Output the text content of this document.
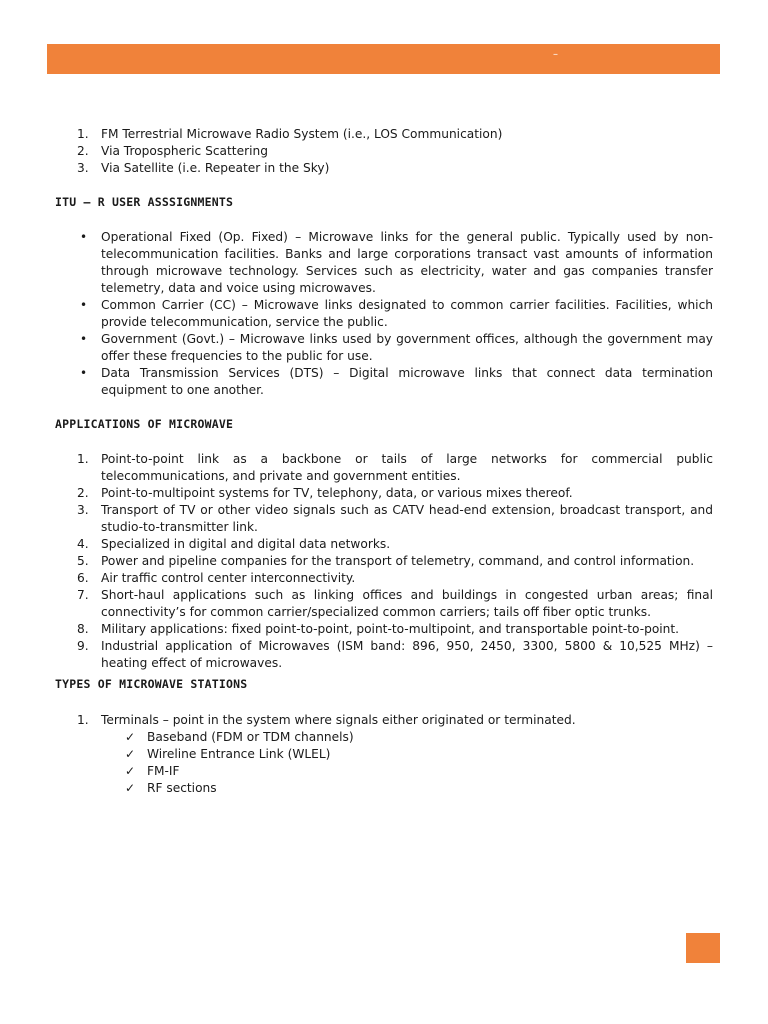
–
1.	FM Terrestrial Microwave Radio System (i.e., LOS Communication)
2.	Via Tropospheric Scattering
3.	Via Satellite (i.e. Repeater in the Sky)
ITU – R USER ASSSIGNMENTS
• Operational Fixed (Op. Fixed) – Microwave links for the general public. Typically used by non-telecommunication facilities. Banks and large corporations transact vast amounts of information through microwave technology. Services such as electricity, water and gas companies transfer telemetry, data and voice using microwaves.
• Common Carrier (CC) – Microwave links designated to common carrier facilities. Facilities, which provide telecommunication, service the public.
• Government (Govt.) – Microwave links used by government offices, although the government may offer these frequencies to the public for use.
• Data Transmission Services (DTS) – Digital microwave links that connect data termination equipment to one another.
APPLICATIONS OF MICROWAVE
1.	Point-to-point link as a backbone or tails of large networks for commercial public telecommunications, and private and government entities.
2.	Point-to-multipoint systems for TV, telephony, data, or various mixes thereof.
3.	Transport of TV or other video signals such as CATV head-end extension, broadcast transport, and studio-to-transmitter link.
4.	Specialized in digital and digital data networks.
5.	Power and pipeline companies for the transport of telemetry, command, and control information.
6.	Air traffic control center interconnectivity.
7.	Short-haul applications such as linking offices and buildings in congested urban areas; final connectivity’s for common carrier/specialized common carriers; tails off fiber optic trunks.
8.	Military applications: fixed point-to-point, point-to-multipoint, and transportable point-to-point.
9.	Industrial application of Microwaves (ISM band: 896, 950, 2450, 3300, 5800 & 10,525 MHz) – heating effect of microwaves.
TYPES OF MICROWAVE STATIONS
1.	Terminals – point in the system where signals either originated or terminated.
✓ Baseband (FDM or TDM channels)
✓ Wireline Entrance Link (WLEL)
✓ FM-IF
✓ RF sections
